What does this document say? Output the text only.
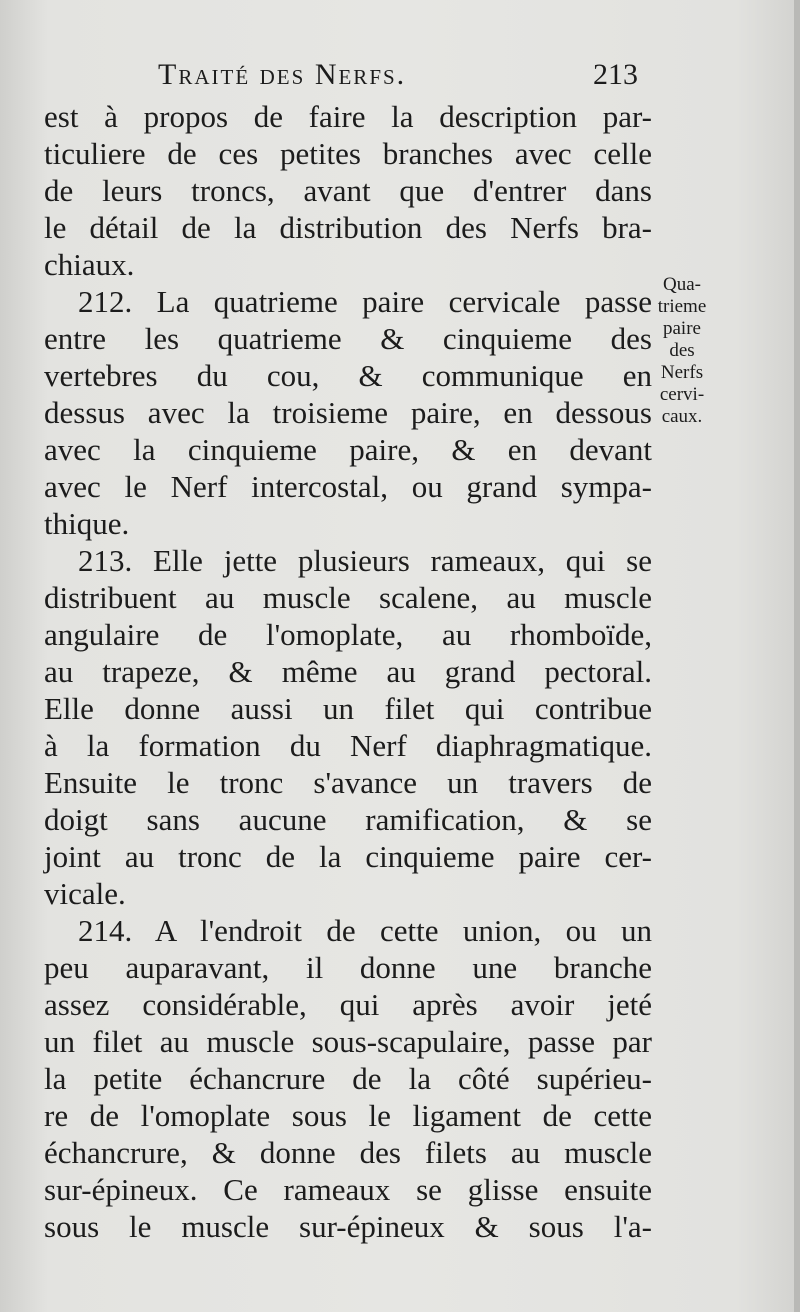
Traité des Nerfs.	213
est à propos de faire la description par-
ticuliere de ces petites branches avec celle
de leurs troncs, avant que d'entrer dans
le détail de la distribution des Nerfs bra-
chiaux.
212. La quatrieme paire cervicale passe
entre les quatrieme & cinquieme des
vertebres du cou, & communique en
dessus avec la troisieme paire, en dessous
avec la cinquieme paire, & en devant
avec le Nerf intercostal, ou grand sympa-
thique.
213. Elle jette plusieurs rameaux, qui se
distribuent au muscle scalene, au muscle
angulaire de l'omoplate, au rhomboïde,
au trapeze, & même au grand pectoral.
Elle donne aussi un filet qui contribue
à la formation du Nerf diaphragmatique.
Ensuite le tronc s'avance un travers de
doigt sans aucune ramification, & se
joint au tronc de la cinquieme paire cer-
vicale.
214. A l'endroit de cette union, ou un
peu auparavant, il donne une branche
assez considérable, qui après avoir jeté
un filet au muscle sous-scapulaire, passe par
la petite échancrure de la côté supérieu-
re de l'omoplate sous le ligament de cette
échancrure, & donne des filets au muscle
sur-épineux. Ce rameaux se glisse ensuite
sous le muscle sur-épineux & sous l'a-
Qua-
trieme
paire
des
Nerfs
cervi-
caux.
